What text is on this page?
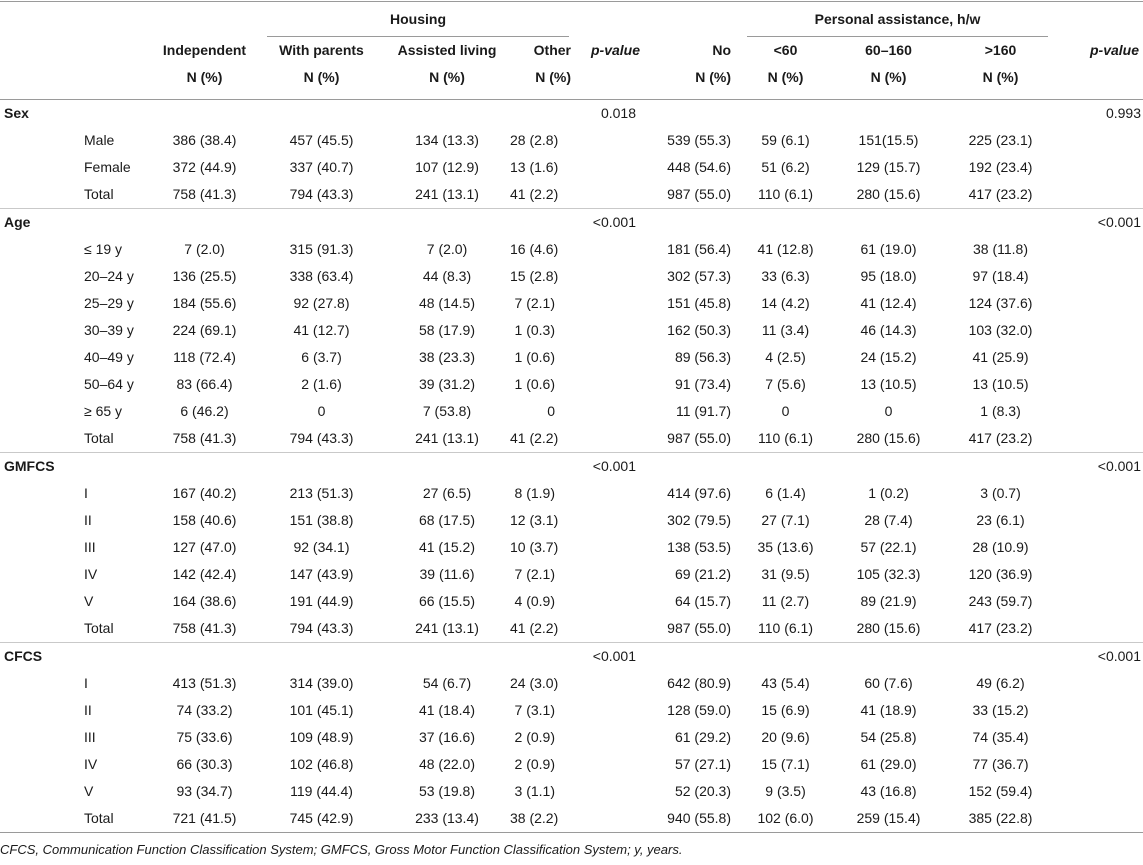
		Housing					Personal assistance, h/w			

	Independent	With parents	Assisted living	Other	p-value	No	<60	60–160	>160	p-value
	N (%)	N (%)	N (%)	N (%)		N (%)	N (%)	N (%)	N (%)	
Sex					0.018					0.993
Male	386 (38.4)	457 (45.5)	134 (13.3)	28 (2.8)		539 (55.3)	59 (6.1)	151(15.5)	225 (23.1)	
Female	372 (44.9)	337 (40.7)	107 (12.9)	13 (1.6)		448 (54.6)	51 (6.2)	129 (15.7)	192 (23.4)	
Total	758 (41.3)	794 (43.3)	241 (13.1)	41 (2.2)		987 (55.0)	110 (6.1)	280 (15.6)	417 (23.2)	
Age					<0.001					<0.001
≤ 19 y	7 (2.0)	315 (91.3)	7 (2.0)	16 (4.6)		181 (56.4)	41 (12.8)	61 (19.0)	38 (11.8)	
20–24 y	136 (25.5)	338 (63.4)	44 (8.3)	15 (2.8)		302 (57.3)	33 (6.3)	95 (18.0)	97 (18.4)	
25–29 y	184 (55.6)	92 (27.8)	48 (14.5)	7 (2.1)		151 (45.8)	14 (4.2)	41 (12.4)	124 (37.6)	
30–39 y	224 (69.1)	41 (12.7)	58 (17.9)	1 (0.3)		162 (50.3)	11 (3.4)	46 (14.3)	103 (32.0)	
40–49 y	118 (72.4)	6 (3.7)	38 (23.3)	1 (0.6)		89 (56.3)	4 (2.5)	24 (15.2)	41 (25.9)	
50–64 y	83 (66.4)	2 (1.6)	39 (31.2)	1 (0.6)		91 (73.4)	7 (5.6)	13 (10.5)	13 (10.5)	
≥ 65 y	6 (46.2)	0	7 (53.8)	0		11 (91.7)	0	0	1 (8.3)	
Total	758 (41.3)	794 (43.3)	241 (13.1)	41 (2.2)		987 (55.0)	110 (6.1)	280 (15.6)	417 (23.2)	
GMFCS					<0.001					<0.001
I	167 (40.2)	213 (51.3)	27 (6.5)	8 (1.9)		414 (97.6)	6 (1.4)	1 (0.2)	3 (0.7)	
II	158 (40.6)	151 (38.8)	68 (17.5)	12 (3.1)		302 (79.5)	27 (7.1)	28 (7.4)	23 (6.1)	
III	127 (47.0)	92 (34.1)	41 (15.2)	10 (3.7)		138 (53.5)	35 (13.6)	57 (22.1)	28 (10.9)	
IV	142 (42.4)	147 (43.9)	39 (11.6)	7 (2.1)		69 (21.2)	31 (9.5)	105 (32.3)	120 (36.9)	
V	164 (38.6)	191 (44.9)	66 (15.5)	4 (0.9)		64 (15.7)	11 (2.7)	89 (21.9)	243 (59.7)	
Total	758 (41.3)	794 (43.3)	241 (13.1)	41 (2.2)		987 (55.0)	110 (6.1)	280 (15.6)	417 (23.2)	
CFCS					<0.001					<0.001
I	413 (51.3)	314 (39.0)	54 (6.7)	24 (3.0)		642 (80.9)	43 (5.4)	60 (7.6)	49 (6.2)	
II	74 (33.2)	101 (45.1)	41 (18.4)	7 (3.1)		128 (59.0)	15 (6.9)	41 (18.9)	33 (15.2)	
III	75 (33.6)	109 (48.9)	37 (16.6)	2 (0.9)		61 (29.2)	20 (9.6)	54 (25.8)	74 (35.4)	
IV	66 (30.3)	102 (46.8)	48 (22.0)	2 (0.9)		57 (27.1)	15 (7.1)	61 (29.0)	77 (36.7)	
V	93 (34.7)	119 (44.4)	53 (19.8)	3 (1.1)		52 (20.3)	9 (3.5)	43 (16.8)	152 (59.4)	
Total	721 (41.5)	745 (42.9)	233 (13.4)	38 (2.2)		940 (55.8)	102 (6.0)	259 (15.4)	385 (22.8)	
CFCS, Communication Function Classification System; GMFCS, Gross Motor Function Classification System; y, years.
